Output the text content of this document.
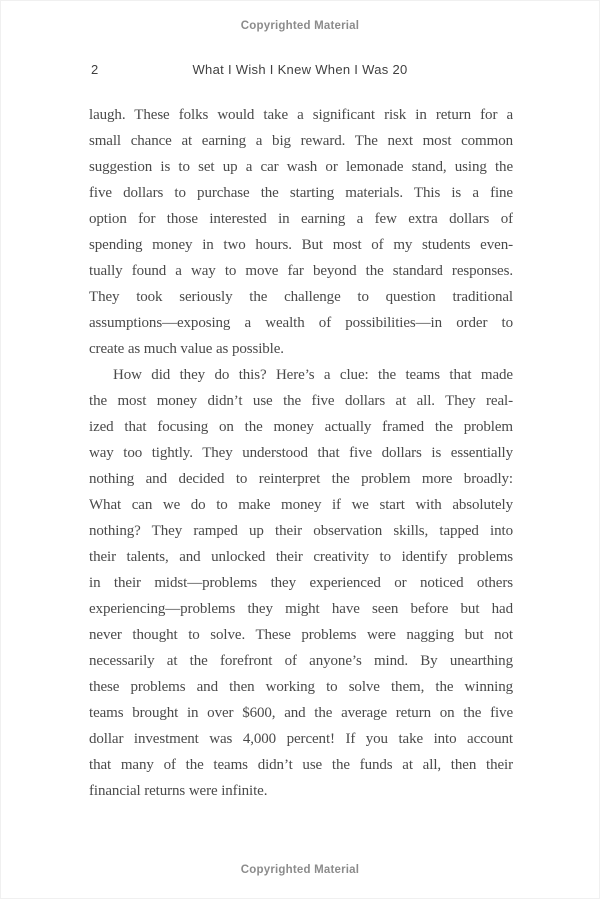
Copyrighted Material
2	What I Wish I Knew When I Was 20
laugh. These folks would take a significant risk in return for a
small chance at earning a big reward. The next most common
suggestion is to set up a car wash or lemonade stand, using the
five dollars to purchase the starting materials. This is a fine
option for those interested in earning a few extra dollars of
spending money in two hours. But most of my students even-
tually found a way to move far beyond the standard responses.
They took seriously the challenge to question traditional
assumptions—exposing a wealth of possibilities—in order to
create as much value as possible.
How did they do this? Here’s a clue: the teams that made
the most money didn’t use the five dollars at all. They real-
ized that focusing on the money actually framed the problem
way too tightly. They understood that five dollars is essentially
nothing and decided to reinterpret the problem more broadly:
What can we do to make money if we start with absolutely
nothing? They ramped up their observation skills, tapped into
their talents, and unlocked their creativity to identify problems
in their midst—problems they experienced or noticed others
experiencing—problems they might have seen before but had
never thought to solve. These problems were nagging but not
necessarily at the forefront of anyone’s mind. By unearthing
these problems and then working to solve them, the winning
teams brought in over $600, and the average return on the five
dollar investment was 4,000 percent! If you take into account
that many of the teams didn’t use the funds at all, then their
financial returns were infinite.
Copyrighted Material
